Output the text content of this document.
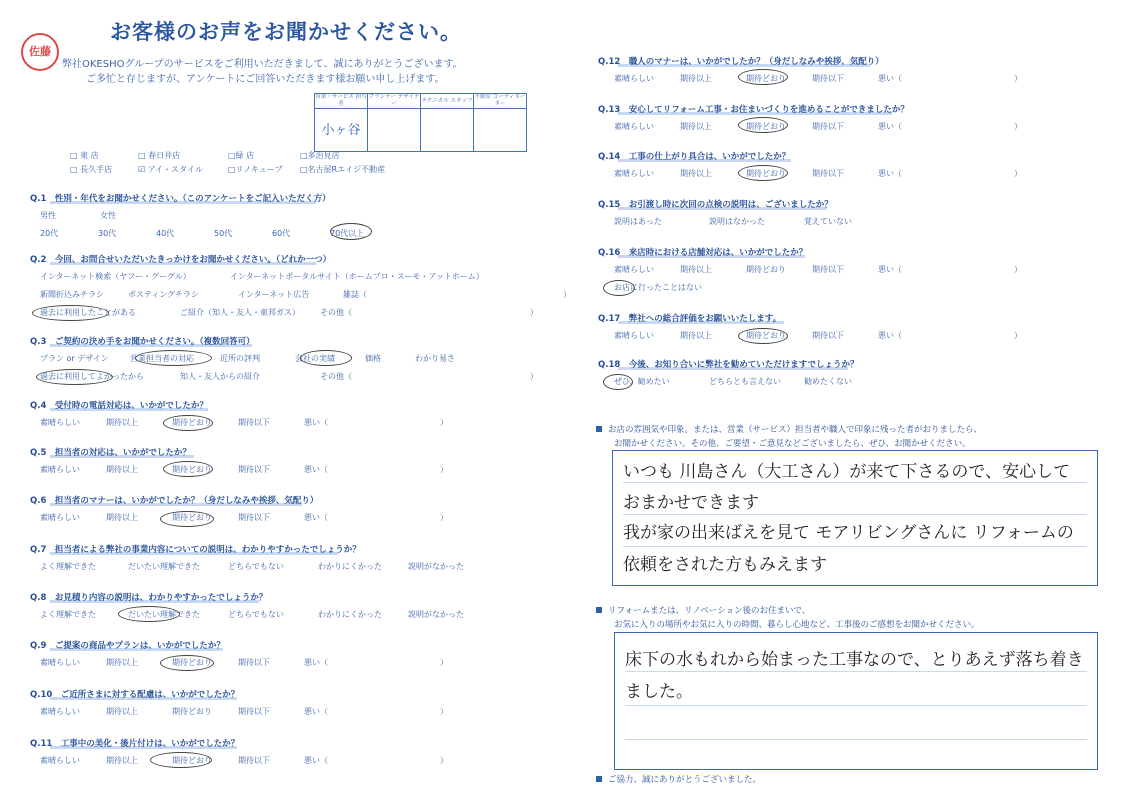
お客様のお声をお聞かせください。
佐藤
弊社OKESHOグループのサービスをご利用いただきまして、誠にありがとうございます。
ご多忙と存じますが、アンケートにご回答いただきます様お願い申し上げます。
営業・サービス 担当者	プランナー デザイナー	テクニカル スタッフ	不動産 コーディネーター
小ヶ谷			
□ 東 店	□ 春日井店	□緑 店	□多治見店
□ 長久手店	☑ アイ・スタイル	□リノキューブ	□名古屋Rエイジ不動産
Q.1　性別・年代をお聞かせください。（このアンケートをご記入いただく方）
男性	女性
20代	30代	40代	50代	60代	70代以上
Q.2　今回、お問合せいただいたきっかけをお聞かせください。（どれか一つ）
インターネット検索（ヤフー・グーグル）	インターネットポータルサイト（ホームプロ・スーモ・アットホーム）
新聞折込みチラシ	ポスティングチラシ	インターネット広告	雑誌（	）
過去に利用したことがある	ご紹介（知人・友人・東邦ガス）	その他（	）
Q.3　ご契約の決め手をお聞かせください。（複数回答可）
プラン or デザイン	営業担当者の対応	近所の評判	会社の実績	価格	わかり易さ
過去に利用してよかったから	知人・友人からの紹介	その他（	）
Q.4　受付時の電話対応は、いかがでしたか？
素晴らしい	期待以上	期待どおり	期待以下	悪い（	）
Q.5　担当者の対応は、いかがでしたか？
素晴らしい	期待以上	期待どおり	期待以下	悪い（	）
Q.6　担当者のマナーは、いかがでしたか？（身だしなみや挨拶、気配り）
素晴らしい	期待以上	期待どおり	期待以下	悪い（	）
Q.7　担当者による弊社の事業内容についての説明は、わかりやすかったでしょうか？
よく理解できた	だいたい理解できた	どちらでもない	わかりにくかった	説明がなかった
Q.8　お見積り内容の説明は、わかりやすかったでしょうか？
よく理解できた	だいたい理解できた	どちらでもない	わかりにくかった	説明がなかった
Q.9　ご提案の商品やプランは、いかがでしたか？
素晴らしい	期待以上	期待どおり	期待以下	悪い（	）
Q.10　ご近所さまに対する配慮は、いかがでしたか？
素晴らしい	期待以上	期待どおり	期待以下	悪い（	）
Q.11　工事中の美化・後片付けは、いかがでしたか？
素晴らしい	期待以上	期待どおり	期待以下	悪い（	）
Q.12　職人のマナーは、いかがでしたか？（身だしなみや挨拶、気配り）
素晴らしい	期待以上	期待どおり	期待以下	悪い（	）
Q.13　安心してリフォーム工事・お住まいづくりを進めることができましたか？
素晴らしい	期待以上	期待どおり	期待以下	悪い（	）
Q.14　工事の仕上がり具合は、いかがでしたか？
素晴らしい	期待以上	期待どおり	期待以下	悪い（	）
Q.15　お引渡し時に次回の点検の説明は、ございましたか？
説明はあった	説明はなかった	覚えていない
Q.16　来店時における店舗対応は、いかがでしたか？
素晴らしい	期待以上	期待どおり	期待以下	悪い（	）
お店に行ったことはない
Q.17　弊社への総合評価をお願いいたします。
素晴らしい	期待以上	期待どおり	期待以下	悪い（	）
Q.18　今後、お知り合いに弊社を勧めていただけますでしょうか？
ぜひ、勧めたい	どちらとも言えない	勧めたくない
お店の雰囲気や印象。または、営業（サービス）担当者や職人で印象に残った者がおりましたら、
お聞かせください。その他、ご要望・ご意見などございましたら、ぜひ、お聞かせください。
いつも 川島さん（大工さん）が来て下さるので、安心して
おまかせできます
我が家の出来ばえを見て モアリビングさんに リフォームの
依頼をされた方もみえます
リフォームまたは、リノベーション後のお住まいで、
お気に入りの場所やお気に入りの時間、暮らし心地など、工事後のご感想をお聞かせください。
床下の水もれから始まった工事なので、とりあえず落ち着き
ました。
ご協力、誠にありがとうございました。
